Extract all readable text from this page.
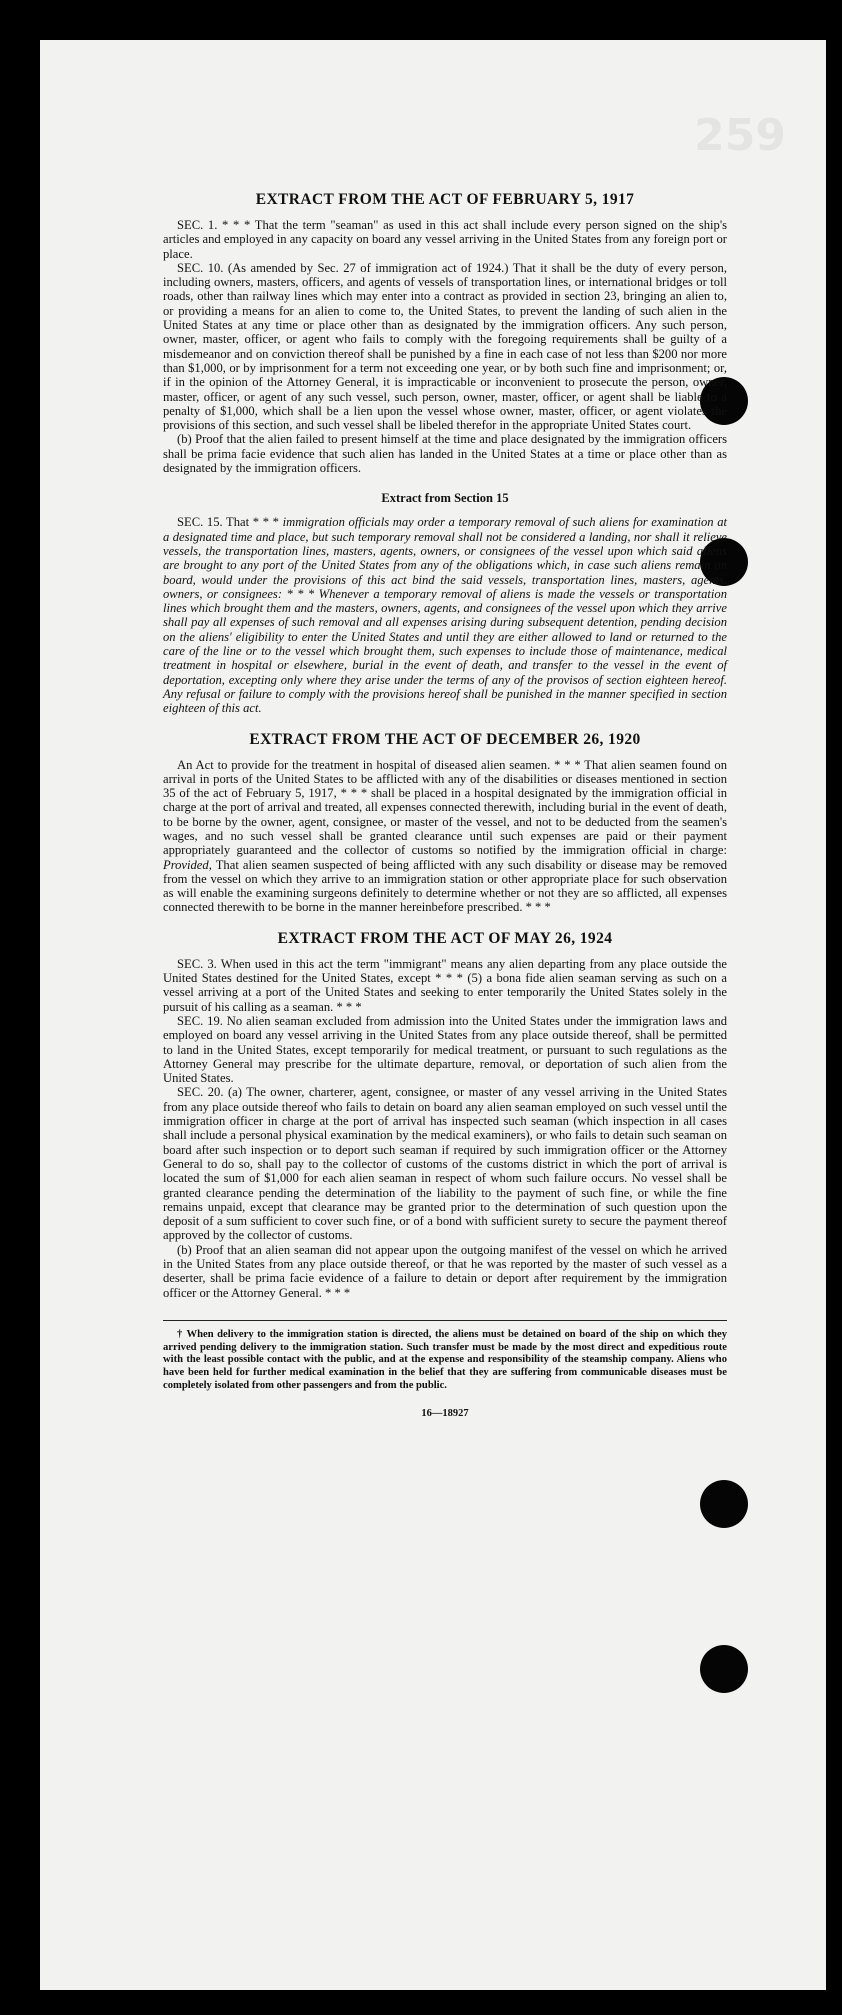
259
EXTRACT FROM THE ACT OF FEBRUARY 5, 1917

SEC. 1. * * * That the term "seaman" as used in this act shall include every person signed on the ship's articles and employed in any capacity on board any vessel arriving in the United States from any foreign port or place.

SEC. 10. (As amended by Sec. 27 of immigration act of 1924.) That it shall be the duty of every person, including owners, masters, officers, and agents of vessels of transportation lines, or international bridges or toll roads, other than railway lines which may enter into a contract as provided in section 23, bringing an alien to, or providing a means for an alien to come to, the United States, to prevent the landing of such alien in the United States at any time or place other than as designated by the immigration officers. Any such person, owner, master, officer, or agent who fails to comply with the foregoing requirements shall be guilty of a misdemeanor and on conviction thereof shall be punished by a fine in each case of not less than $200 nor more than $1,000, or by imprisonment for a term not exceeding one year, or by both such fine and imprisonment; or, if in the opinion of the Attorney General, it is impracticable or inconvenient to prosecute the person, owner, master, officer, or agent of any such vessel, such person, owner, master, officer, or agent shall be liable to a penalty of $1,000, which shall be a lien upon the vessel whose owner, master, officer, or agent violates the provisions of this section, and such vessel shall be libeled therefor in the appropriate United States court.

(b) Proof that the alien failed to present himself at the time and place designated by the immigration officers shall be prima facie evidence that such alien has landed in the United States at a time or place other than as designated by the immigration officers.

Extract from Section 15

SEC. 15. That * * * immigration officials may order a temporary removal of such aliens for examination at a designated time and place, but such temporary removal shall not be considered a landing, nor shall it relieve vessels, the transportation lines, masters, agents, owners, or consignees of the vessel upon which said aliens are brought to any port of the United States from any of the obligations which, in case such aliens remain on board, would under the provisions of this act bind the said vessels, transportation lines, masters, agents, owners, or consignees: * * * Whenever a temporary removal of aliens is made the vessels or transportation lines which brought them and the masters, owners, agents, and consignees of the vessel upon which they arrive shall pay all expenses of such removal and all expenses arising during subsequent detention, pending decision on the aliens' eligibility to enter the United States and until they are either allowed to land or returned to the care of the line or to the vessel which brought them, such expenses to include those of maintenance, medical treatment in hospital or elsewhere, burial in the event of death, and transfer to the vessel in the event of deportation, excepting only where they arise under the terms of any of the provisos of section eighteen hereof. Any refusal or failure to comply with the provisions hereof shall be punished in the manner specified in section eighteen of this act.

EXTRACT FROM THE ACT OF DECEMBER 26, 1920

An Act to provide for the treatment in hospital of diseased alien seamen. * * * That alien seamen found on arrival in ports of the United States to be afflicted with any of the disabilities or diseases mentioned in section 35 of the act of February 5, 1917, * * * shall be placed in a hospital designated by the immigration official in charge at the port of arrival and treated, all expenses connected therewith, including burial in the event of death, to be borne by the owner, agent, consignee, or master of the vessel, and not to be deducted from the seamen's wages, and no such vessel shall be granted clearance until such expenses are paid or their payment appropriately guaranteed and the collector of customs so notified by the immigration official in charge: Provided, That alien seamen suspected of being afflicted with any such disability or disease may be removed from the vessel on which they arrive to an immigration station or other appropriate place for such observation as will enable the examining surgeons definitely to determine whether or not they are so afflicted, all expenses connected therewith to be borne in the manner hereinbefore prescribed. * * *

EXTRACT FROM THE ACT OF MAY 26, 1924

SEC. 3. When used in this act the term "immigrant" means any alien departing from any place outside the United States destined for the United States, except * * * (5) a bona fide alien seaman serving as such on a vessel arriving at a port of the United States and seeking to enter temporarily the United States solely in the pursuit of his calling as a seaman. * * *

SEC. 19. No alien seaman excluded from admission into the United States under the immigration laws and employed on board any vessel arriving in the United States from any place outside thereof, shall be permitted to land in the United States, except temporarily for medical treatment, or pursuant to such regulations as the Attorney General may prescribe for the ultimate departure, removal, or deportation of such alien from the United States.

SEC. 20. (a) The owner, charterer, agent, consignee, or master of any vessel arriving in the United States from any place outside thereof who fails to detain on board any alien seaman employed on such vessel until the immigration officer in charge at the port of arrival has inspected such seaman (which inspection in all cases shall include a personal physical examination by the medical examiners), or who fails to detain such seaman on board after such inspection or to deport such seaman if required by such immigration officer or the Attorney General to do so, shall pay to the collector of customs of the customs district in which the port of arrival is located the sum of $1,000 for each alien seaman in respect of whom such failure occurs. No vessel shall be granted clearance pending the determination of the liability to the payment of such fine, or while the fine remains unpaid, except that clearance may be granted prior to the determination of such question upon the deposit of a sum sufficient to cover such fine, or of a bond with sufficient surety to secure the payment thereof approved by the collector of customs.

(b) Proof that an alien seaman did not appear upon the outgoing manifest of the vessel on which he arrived in the United States from any place outside thereof, or that he was reported by the master of such vessel as a deserter, shall be prima facie evidence of a failure to detain or deport after requirement by the immigration officer or the Attorney General. * * *

† When delivery to the immigration station is directed, the aliens must be detained on board of the ship on which they arrived pending delivery to the immigration station. Such transfer must be made by the most direct and expeditious route with the least possible contact with the public, and at the expense and responsibility of the steamship company. Aliens who have been held for further medical examination in the belief that they are suffering from communicable diseases must be completely isolated from other passengers and from the public.

16—18927
